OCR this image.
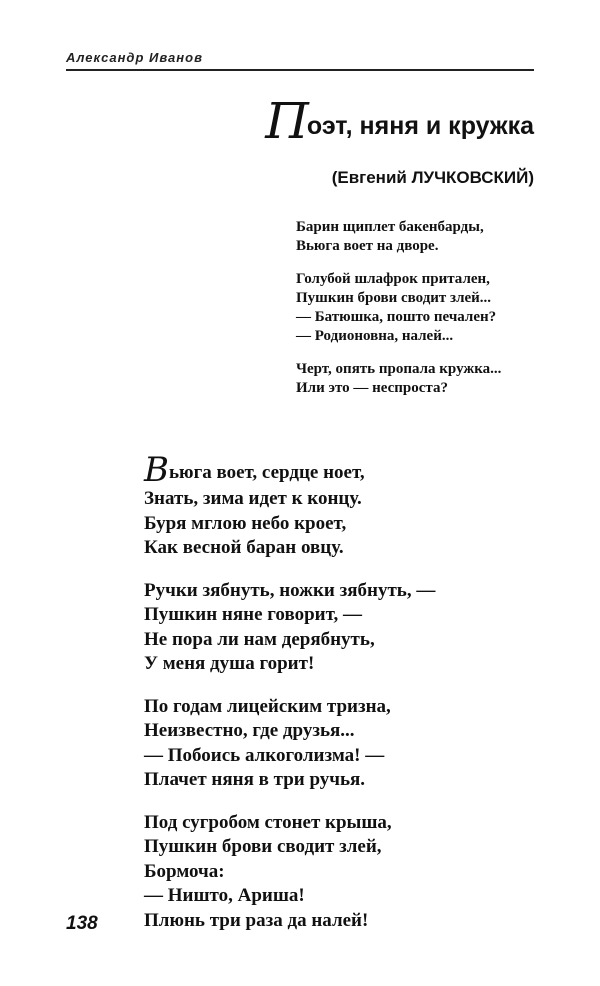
Александр Иванов
Поэт, няня и кружка
(Евгений ЛУЧКОВСКИЙ)
Барин щиплет бакенбарды,
Вьюга воет на дворе.
Голубой шлафрок приталeн,
Пушкин брови сводит злей...
— Батюшка, пошто печален?
— Родионовна, налей...
Черт, опять пропала кружка...
Или это — неспроста?
Вьюга воет, сердце ноет,
Знать, зима идет к концу.
Буря мглою небо кроет,
Как весной баран овцу.
Ручки зябнуть, ножки зябнуть, —
Пушкин няне говорит, —
Не пора ли нам дерябнуть,
У меня душа горит!
По годам лицейским тризна,
Неизвестно, где друзья...
— Побоись алкоголизма! —
Плачет няня в три ручья.
Под сугробом стонет крыша,
Пушкин брови сводит злей,
Бормоча:
— Ништо, Ариша!
Плюнь три раза да налей!
138
